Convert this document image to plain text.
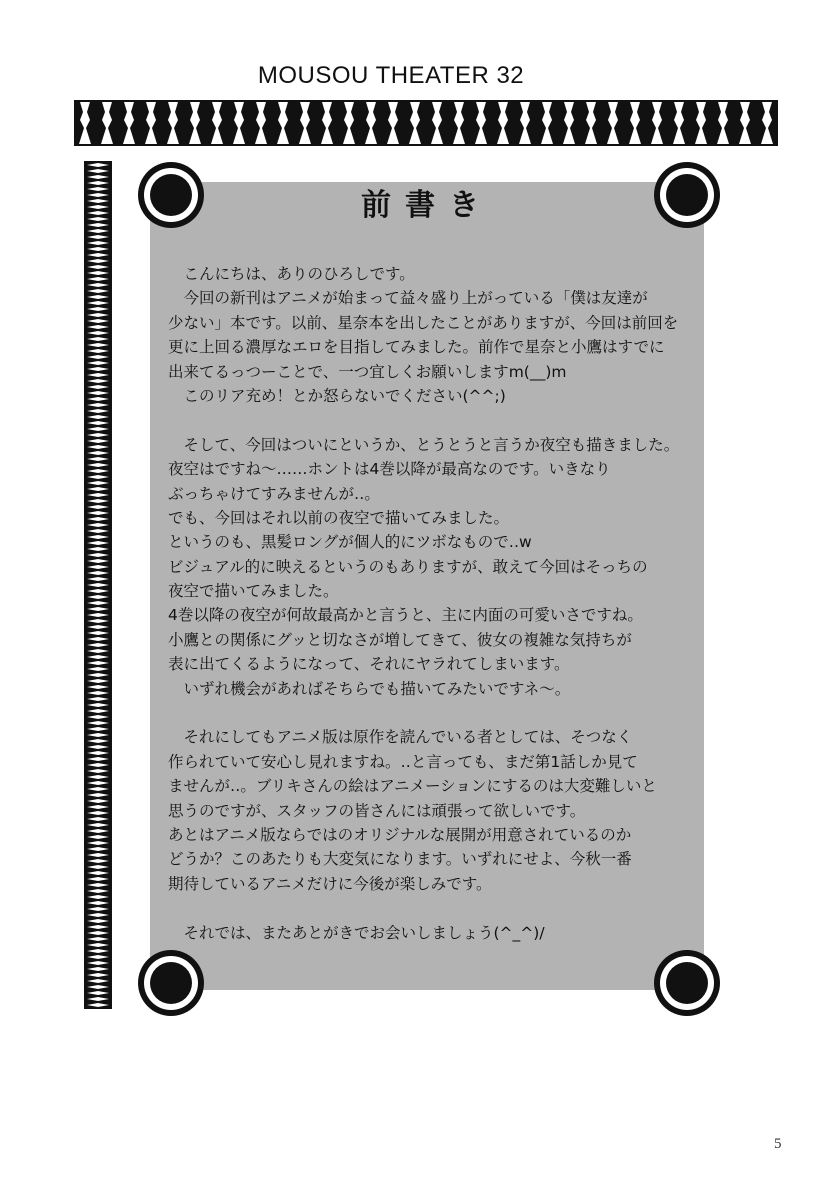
MOUSOU THEATER 32
前書き
　こんにちは、ありのひろしです。
　今回の新刊はアニメが始まって益々盛り上がっている「僕は友達が
少ない」本です。以前、星奈本を出したことがありますが、今回は前回を
更に上回る濃厚なエロを目指してみました。前作で星奈と小鷹はすでに
出来てるっつーことで、一つ宜しくお願いしますm(__)m
　このリア充め！とか怒らないでください(^^;)
　そして、今回はついにというか、とうとうと言うか夜空も描きました。
夜空はですね～……ホントは4巻以降が最高なのです。いきなり
ぶっちゃけてすみませんが‥。
でも、今回はそれ以前の夜空で描いてみました。
というのも、黒髪ロングが個人的にツボなもので‥w
ビジュアル的に映えるというのもありますが、敢えて今回はそっちの
夜空で描いてみました。
4巻以降の夜空が何故最高かと言うと、主に内面の可愛いさですね。
小鷹との関係にグッと切なさが増してきて、彼女の複雑な気持ちが
表に出てくるようになって、それにヤラれてしまいます。
　いずれ機会があればそちらでも描いてみたいですネ～。
　それにしてもアニメ版は原作を読んでいる者としては、そつなく
作られていて安心し見れますね。‥と言っても、まだ第1話しか見て
ませんが‥。ブリキさんの絵はアニメーションにするのは大変難しいと
思うのですが、スタッフの皆さんには頑張って欲しいです。
あとはアニメ版ならではのオリジナルな展開が用意されているのか
どうか？このあたりも大変気になります。いずれにせよ、今秋一番
期待しているアニメだけに今後が楽しみです。
　それでは、またあとがきでお会いしましょう(^_^)/
5
